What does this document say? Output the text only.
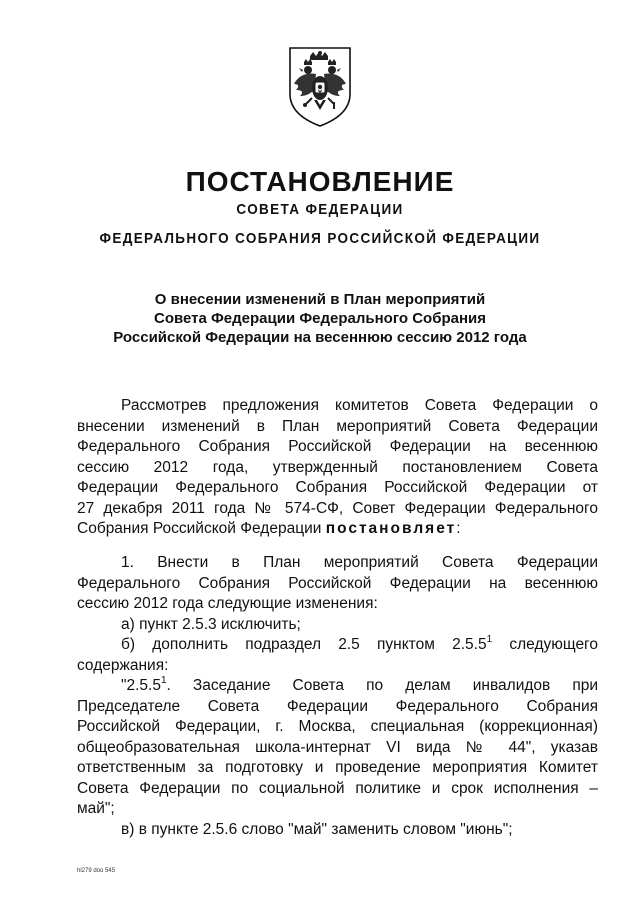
ПОСТАНОВЛЕНИЕ
СОВЕТА ФЕДЕРАЦИИ
ФЕДЕРАЛЬНОГО СОБРАНИЯ РОССИЙСКОЙ ФЕДЕРАЦИИ
О внесении изменений в План мероприятий
Совета Федерации Федерального Собрания
Российской Федерации на весеннюю сессию 2012 года
Рассмотрев предложения комитетов Совета Федерации о
внесении изменений в План мероприятий Совета Федерации
Федерального Собрания Российской Федерации на весеннюю
сессию 2012 года, утвержденный постановлением Совета
Федерации Федерального Собрания Российской Федерации от
27 декабря 2011 года № 574-СФ, Совет Федерации Федерального
Собрания Российской Федерации постановляет:
1. Внести в План мероприятий Совета Федерации
Федерального Собрания Российской Федерации на весеннюю
сессию 2012 года следующие изменения:
а) пункт 2.5.3 исключить;
б) дополнить подраздел 2.5 пунктом 2.5.5$^1$ следующего
содержания:
"2.5.5$^1$. Заседание Совета по делам инвалидов при
Председателе Совета Федерации Федерального Собрания
Российской Федерации, г. Москва, специальная (коррекционная)
общеобразовательная школа-интернат VI вида № 44", указав
ответственным за подготовку и проведение мероприятия Комитет
Совета Федерации по социальной политике и срок исполнения –
май";
в) в пункте 2.5.6 слово "май" заменить словом "июнь";
hl279 doo 545
